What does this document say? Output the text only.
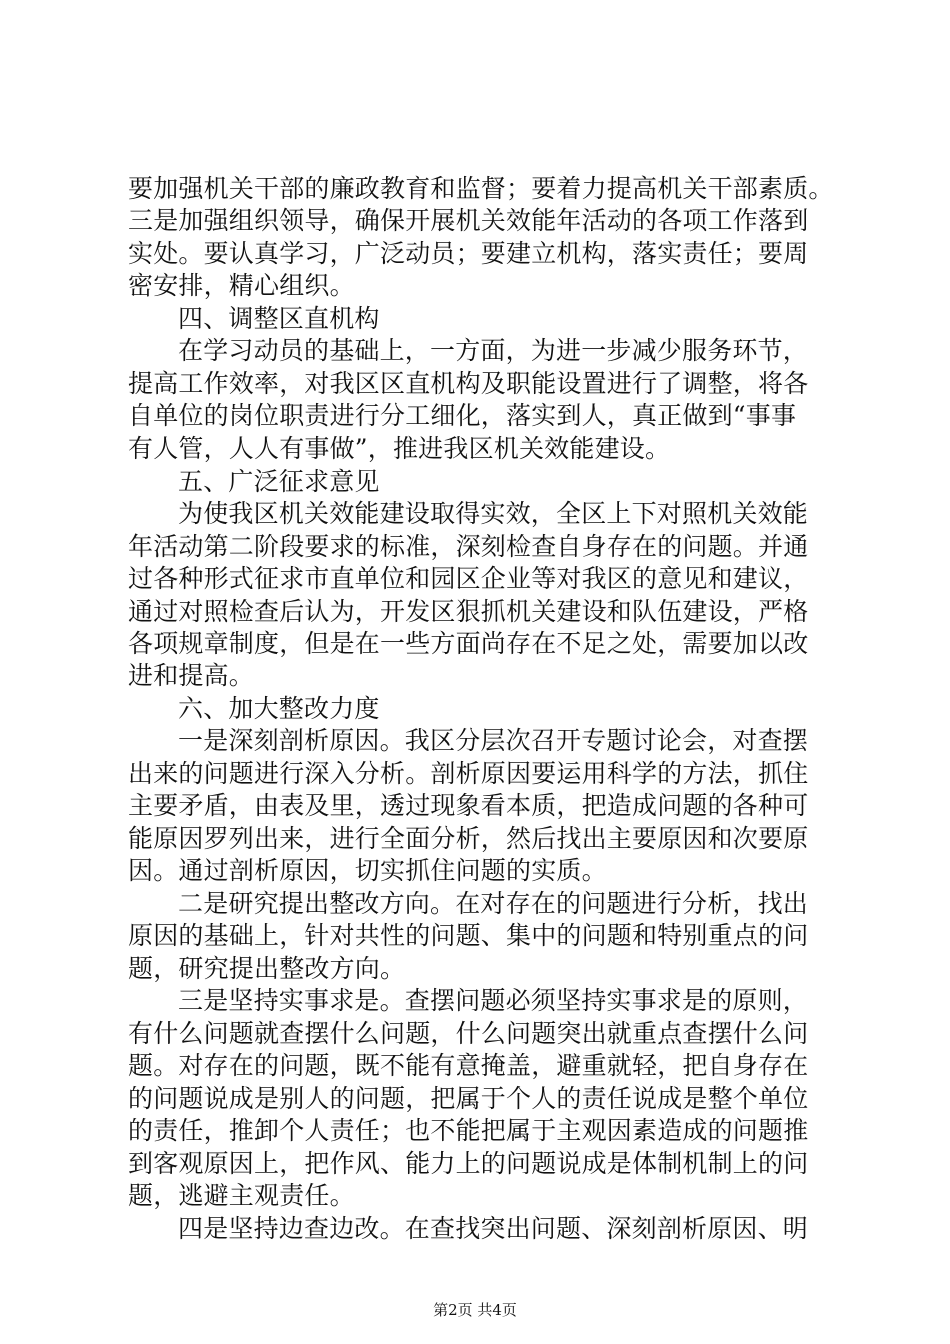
要加强机关干部的廉政教育和监督；要着力提高机关干部素质。
三是加强组织领导，确保开展机关效能年活动的各项工作落到
实处。要认真学习，广泛动员；要建立机构，落实责任；要周
密安排，精心组织。
四、调整区直机构
在学习动员的基础上，一方面，为进一步减少服务环节，
提高工作效率，对我区区直机构及职能设置进行了调整，将各
自单位的岗位职责进行分工细化，落实到人，真正做到“事事
有人管，人人有事做”，推进我区机关效能建设。
五、广泛征求意见
为使我区机关效能建设取得实效，全区上下对照机关效能
年活动第二阶段要求的标准，深刻检查自身存在的问题。并通
过各种形式征求市直单位和园区企业等对我区的意见和建议，
通过对照检查后认为，开发区狠抓机关建设和队伍建设，严格
各项规章制度，但是在一些方面尚存在不足之处，需要加以改
进和提高。
六、加大整改力度
一是深刻剖析原因。我区分层次召开专题讨论会，对查摆
出来的问题进行深入分析。剖析原因要运用科学的方法，抓住
主要矛盾，由表及里，透过现象看本质，把造成问题的各种可
能原因罗列出来，进行全面分析，然后找出主要原因和次要原
因。通过剖析原因，切实抓住问题的实质。
二是研究提出整改方向。在对存在的问题进行分析，找出
原因的基础上，针对共性的问题、集中的问题和特别重点的问
题，研究提出整改方向。
三是坚持实事求是。查摆问题必须坚持实事求是的原则，
有什么问题就查摆什么问题，什么问题突出就重点查摆什么问
题。对存在的问题，既不能有意掩盖，避重就轻，把自身存在
的问题说成是别人的问题，把属于个人的责任说成是整个单位
的责任，推卸个人责任；也不能把属于主观因素造成的问题推
到客观原因上，把作风、能力上的问题说成是体制机制上的问
题，逃避主观责任。
四是坚持边查边改。在查找突出问题、深刻剖析原因、明
第2页 共4页
